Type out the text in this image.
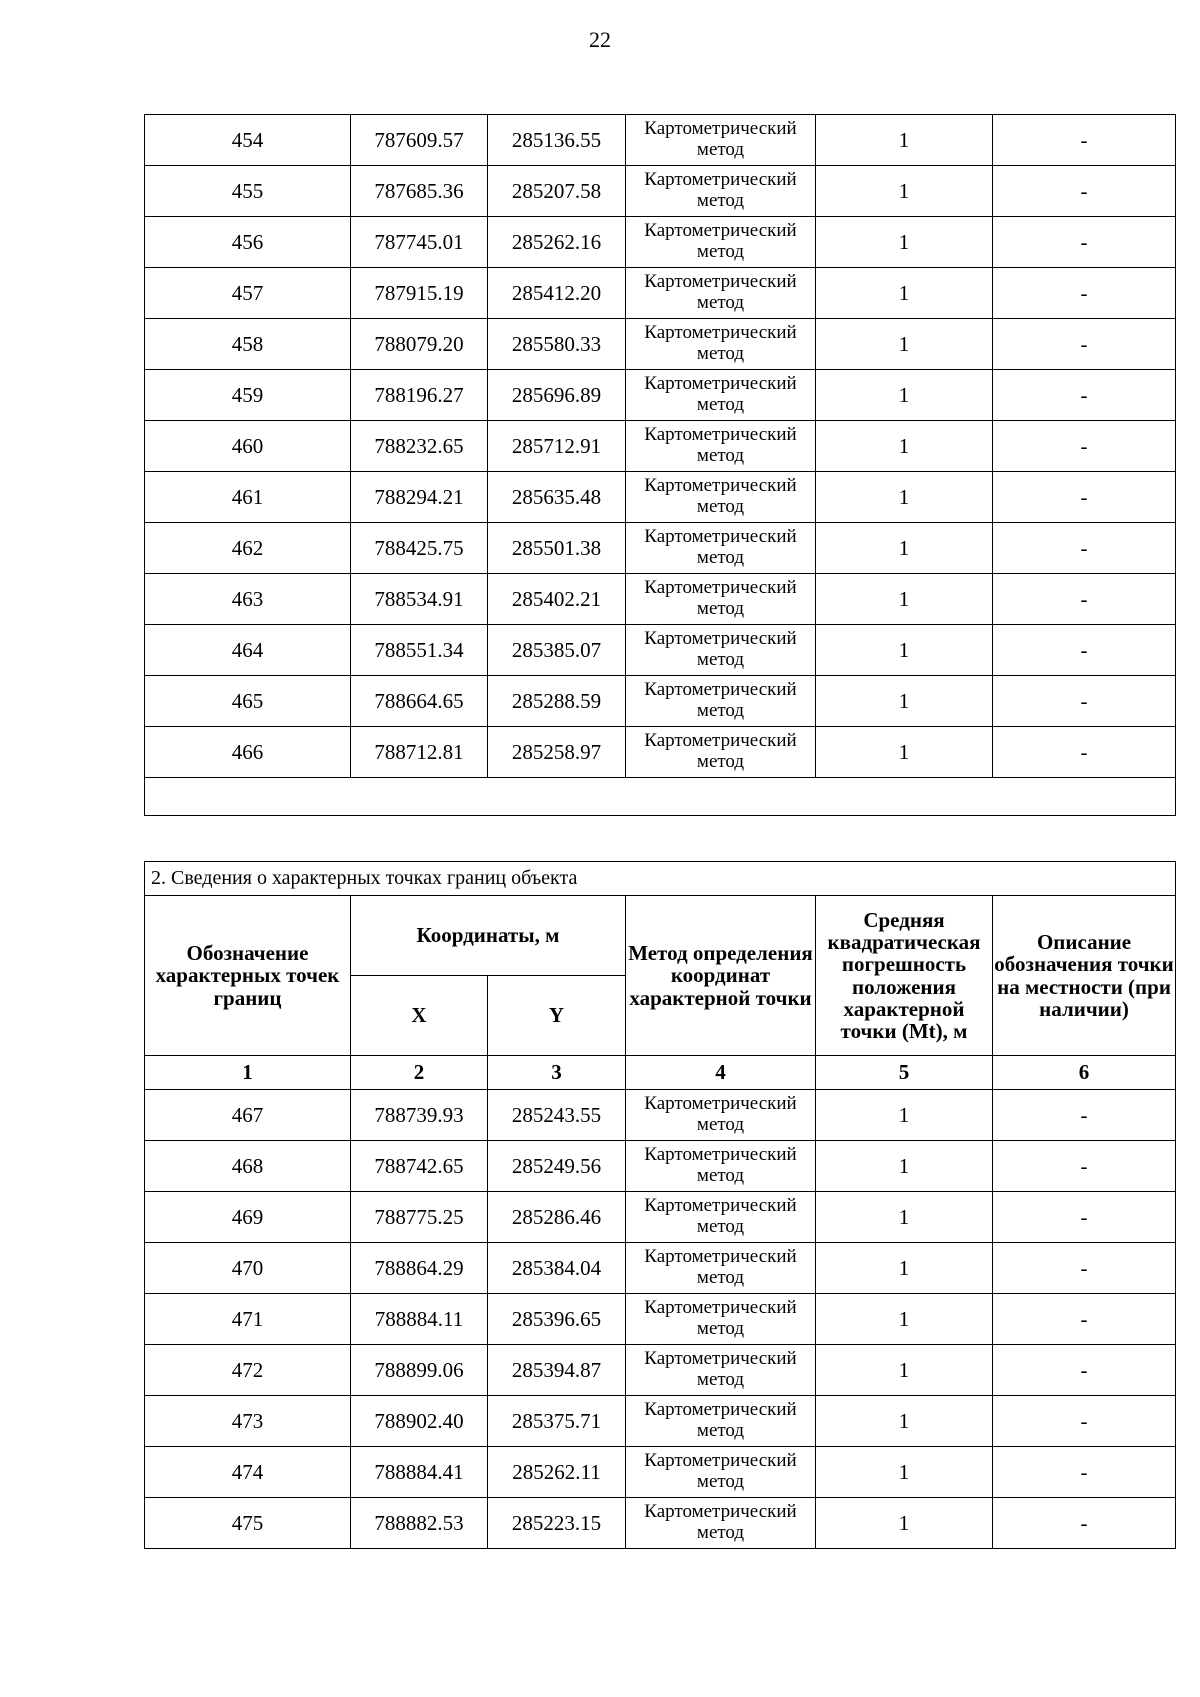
22
454	787609.57	285136.55	Картометрический метод	1	-
455	787685.36	285207.58	Картометрический метод	1	-
456	787745.01	285262.16	Картометрический метод	1	-
457	787915.19	285412.20	Картометрический метод	1	-
458	788079.20	285580.33	Картометрический метод	1	-
459	788196.27	285696.89	Картометрический метод	1	-
460	788232.65	285712.91	Картометрический метод	1	-
461	788294.21	285635.48	Картометрический метод	1	-
462	788425.75	285501.38	Картометрический метод	1	-
463	788534.91	285402.21	Картометрический метод	1	-
464	788551.34	285385.07	Картометрический метод	1	-
465	788664.65	285288.59	Картометрический метод	1	-
466	788712.81	285258.97	Картометрический метод	1	-

2. Сведения о характерных точках границ объекта					
Обозначение характерных точек границ	Координаты, м		Метод определения координат характерной точки	Средняя квадратическая погрешность положения характерной точки (Mt), м	Описание обозначения точки на местности (при наличии)
	X	Y			
1	2	3	4	5	6
467	788739.93	285243.55	Картометрический метод	1	-
468	788742.65	285249.56	Картометрический метод	1	-
469	788775.25	285286.46	Картометрический метод	1	-
470	788864.29	285384.04	Картометрический метод	1	-
471	788884.11	285396.65	Картометрический метод	1	-
472	788899.06	285394.87	Картометрический метод	1	-
473	788902.40	285375.71	Картометрический метод	1	-
474	788884.41	285262.11	Картометрический метод	1	-
475	788882.53	285223.15	Картометрический метод	1	-
